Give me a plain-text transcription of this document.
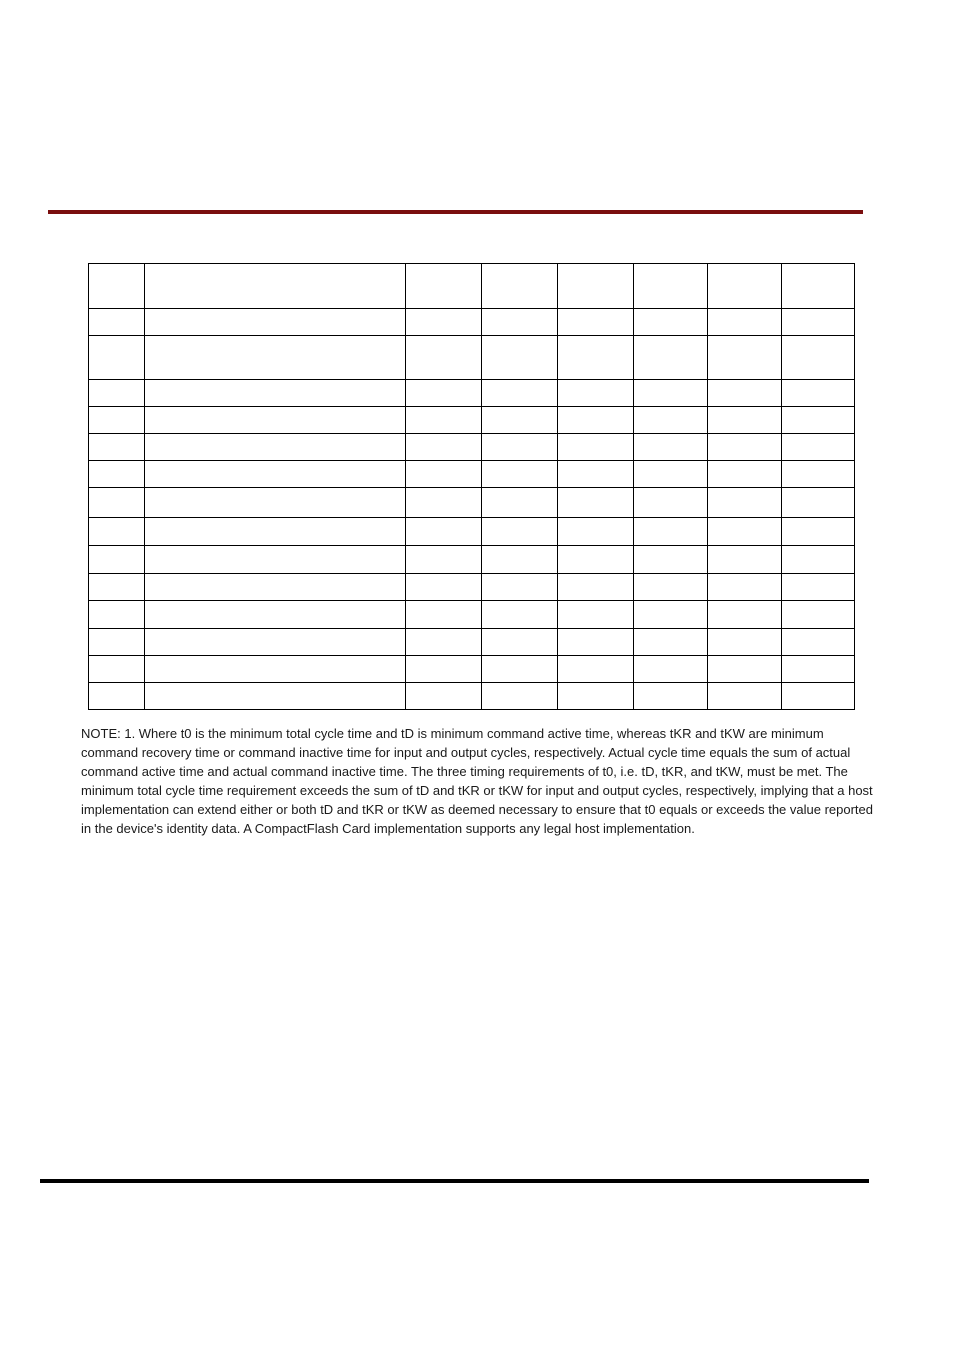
NOTE: 1. Where t0 is the minimum total cycle time and tD is minimum command active time, whereas tKR and tKW are minimum command recovery time or command inactive time for input and output cycles, respectively. Actual cycle time equals the sum of actual command active time and actual command inactive time. The three timing requirements of t0, i.e. tD, tKR, and tKW, must be met. The minimum total cycle time requirement exceeds the sum of tD and tKR or tKW for input and output cycles, respectively, implying that a host implementation can extend either or both tD and tKR or tKW as deemed necessary to ensure that t0 equals or exceeds the value reported in the device's identity data. A CompactFlash Card implementation supports any legal host implementation.
